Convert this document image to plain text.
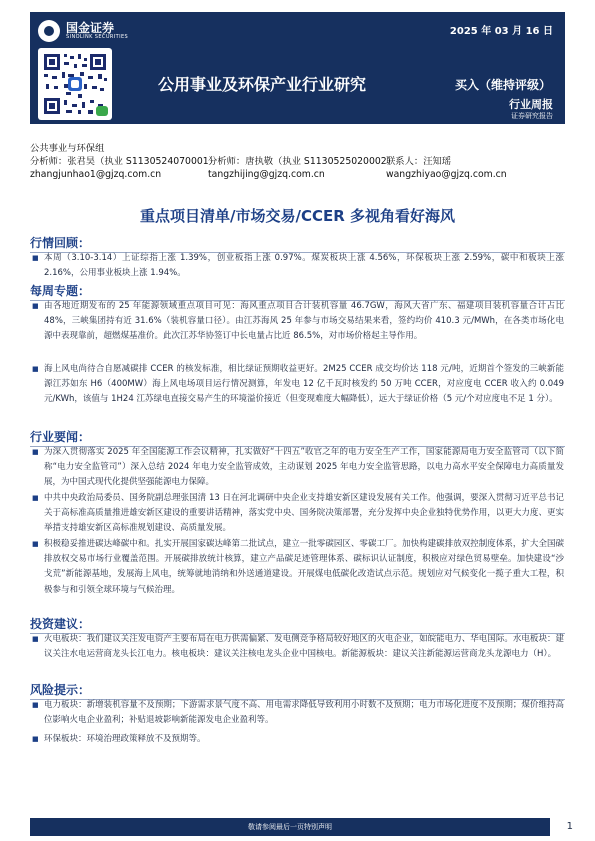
国金证券
SINOLINK SECURITIES	2025 年 03 月 16 日
公用事业及环保产业行业研究	买入（维持评级）
行业周报
证券研究报告
公共事业与环保组
分析师：张君昊（执业 S1130524070001）
分析师：唐执敬（执业 S1130525020002）
联系人：汪知瑶
zhangjunhao1@gjzq.com.cn	tangzhijing@gjzq.com.cn	wangzhiyao@gjzq.com.cn
重点项目清单/市场交易/CCER 多视角看好海风
行情回顾：
■ 本周（3.10-3.14）上证综指上涨 1.39%，创业板指上涨 0.97%。煤炭板块上涨 4.56%，环保板块上涨 2.59%，碳中和板块上涨 2.16%，公用事业板块上涨 1.94%。
每周专题：
■ 由各地近期发布的 25 年能源领域重点项目可见：海风重点项目合计装机容量 46.7GW，海风大省广东、福建项目装机容量合计占比 48%，三峡集团持有近 31.6%（装机容量口径）。由江苏海风 25 年参与市场交易结果来看，签约均价 410.3 元/MWh，在各类市场化电源中表现靠前，超燃煤基准价。此次江苏华协签订中长电量占比近 86.5%，对市场价格起主导作用。
■ 海上风电尚待合自愿减碳排 CCER 的核发标准，相比绿证预期收益更好。2M25 CCER 成交均价达 118 元/吨，近期首个签发的三峡新能源江苏如东 H6（400MW）海上风电场项目运行情况测算，年发电 12 亿千瓦时核发约 50 万吨 CCER，对应度电 CCER 收入约 0.049 元/KWh，该值与 1H24 江苏绿电直接交易产生的环境溢价接近（但变现难度大幅降低），远大于绿证价格（5 元/个对应度电不足 1 分）。
行业要闻：
■ 为深入贯彻落实 2025 年全国能源工作会议精神，扎实做好“十四五”收官之年的电力安全生产工作，国家能源局电力安全监管司（以下简称“电力安全监管司”）深入总结 2024 年电力安全监管成效，主动谋划 2025 年电力安全监管思路，以电力高水平安全保障电力高质量发展，为中国式现代化提供坚强能源电力保障。
■ 中共中央政治局委员、国务院副总理张国清 13 日在河北调研中央企业支持雄安新区建设发展有关工作。他强调，要深入贯彻习近平总书记关于高标准高质量推进雄安新区建设的重要讲话精神，落实党中央、国务院决策部署，充分发挥中央企业独特优势作用，以更大力度、更实举措支持雄安新区高标准规划建设、高质量发展。
■ 积极稳妥推进碳达峰碳中和。扎实开展国家碳达峰第二批试点，建立一批零碳园区、零碳工厂。加快构建碳排放双控制度体系，扩大全国碳排放权交易市场行业覆盖范围。开展碳排放统计核算，建立产品碳足迹管理体系、碳标识认证制度，积极应对绿色贸易壁垒。加快建设“沙戈荒”新能源基地，发展海上风电，统筹就地消纳和外送通道建设。开展煤电低碳化改造试点示范。规划应对气候变化一揽子重大工程，积极参与和引领全球环境与气候治理。
投资建议：
■ 火电板块：我们建议关注发电资产主要布局在电力供需偏紧、发电侧竞争格局较好地区的火电企业，如皖能电力、华电国际。水电板块：建议关注水电运营商龙头长江电力。核电板块：建议关注核电龙头企业中国核电。新能源板块：建议关注新能源运营商龙头龙源电力（H）。
风险提示：
■ 电力板块：新增装机容量不及预期；下游需求景气度不高、用电需求降低导致利用小时数不及预期；电力市场化进度不及预期；煤价维持高位影响火电企业盈利；补贴退坡影响新能源发电企业盈利等。
■ 环保板块：环境治理政策释放不及预期等。
敬请参阅最后一页特别声明	1
